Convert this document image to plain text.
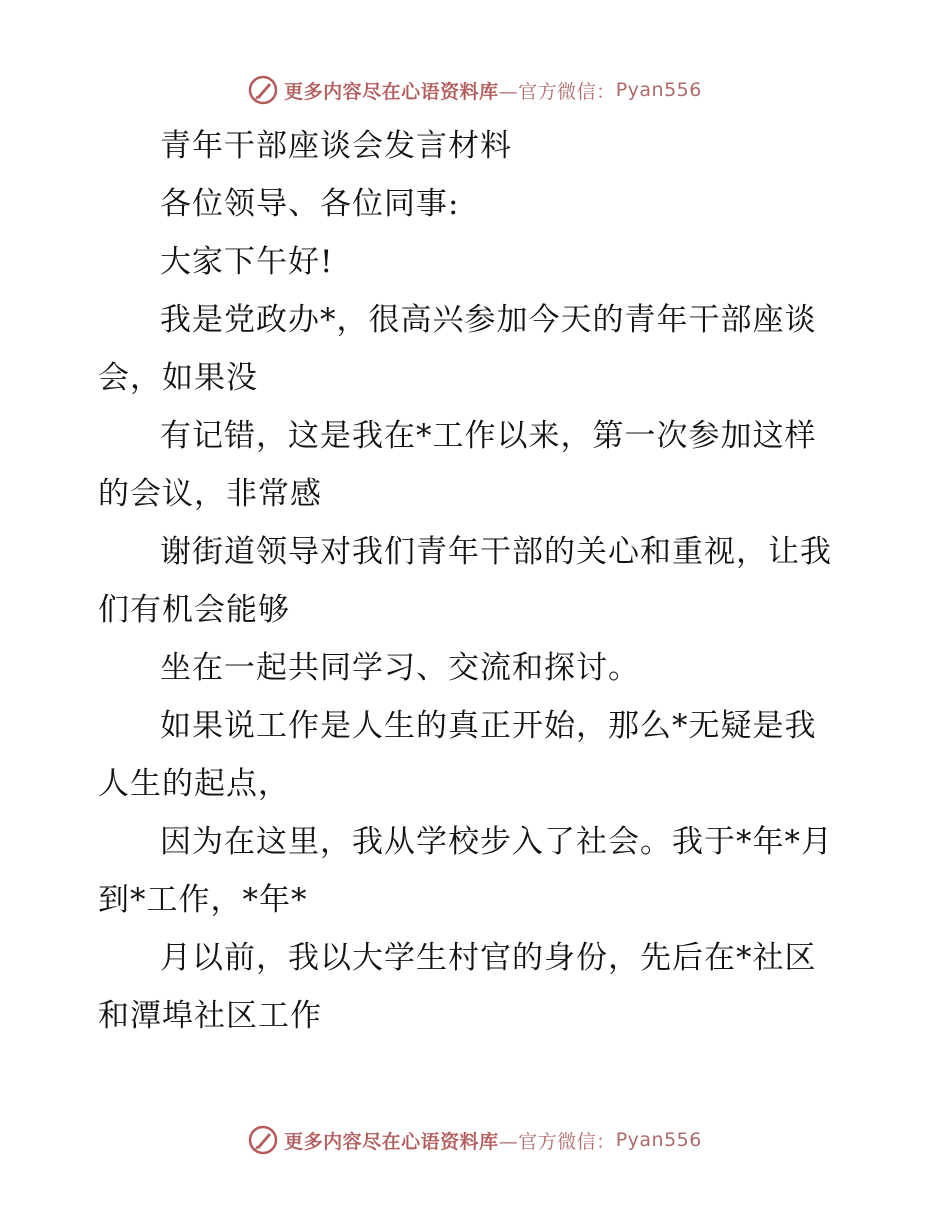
更多内容尽在心语资料库 —官方微信： Pyan556

青年干部座谈会发言材料

各位领导、各位同事:

大家下午好!

我是党政办*，很高兴参加今天的青年干部座谈
会，如果没

有记错，这是我在*工作以来，第一次参加这样
的会议，非常感

谢街道领导对我们青年干部的关心和重视，让我
们有机会能够

坐在一起共同学习、交流和探讨。

如果说工作是人生的真正开始，那么*无疑是我
人生的起点，

因为在这里，我从学校步入了社会。我于*年*月
到*工作，*年*

月以前，我以大学生村官的身份，先后在*社区
和潭埠社区工作

更多内容尽在心语资料库 —官方微信： Pyan556
